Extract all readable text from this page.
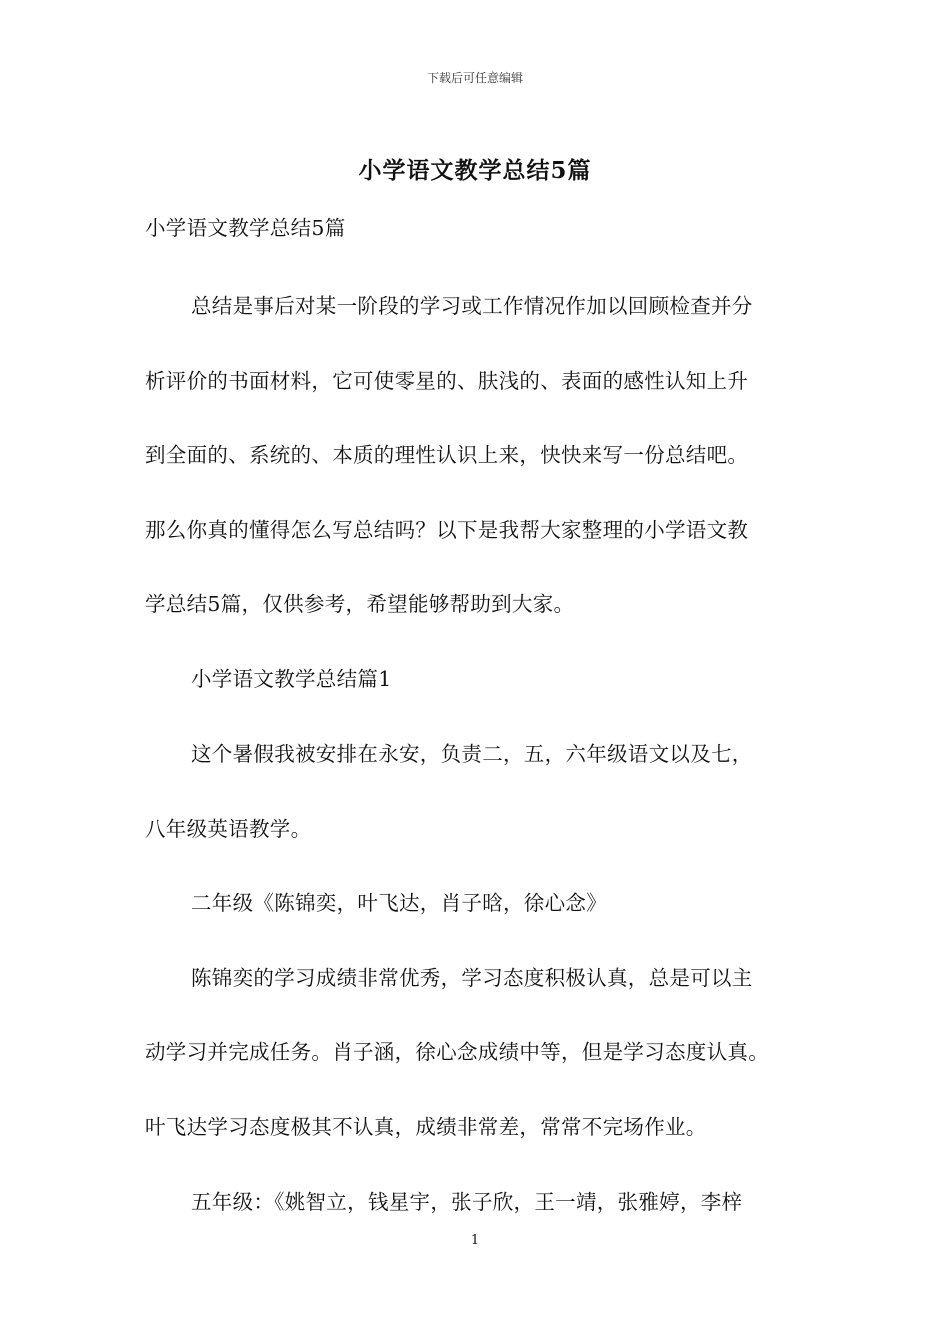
下载后可任意编辑
小学语文教学总结5篇
小学语文教学总结5篇
总结是事后对某一阶段的学习或工作情况作加以回顾检查并分
析评价的书面材料，它可使零星的、肤浅的、表面的感性认知上升
到全面的、系统的、本质的理性认识上来，快快来写一份总结吧。
那么你真的懂得怎么写总结吗？以下是我帮大家整理的小学语文教
学总结5篇，仅供参考，希望能够帮助到大家。
小学语文教学总结篇1
这个暑假我被安排在永安，负责二，五，六年级语文以及七，
八年级英语教学。
二年级《陈锦奕，叶飞达，肖子晗，徐心念》
陈锦奕的学习成绩非常优秀，学习态度积极认真，总是可以主
动学习并完成任务。肖子涵，徐心念成绩中等，但是学习态度认真。
叶飞达学习态度极其不认真，成绩非常差，常常不完场作业。
五年级：《姚智立，钱星宇，张子欣，王一靖，张雅婷，李梓
1
